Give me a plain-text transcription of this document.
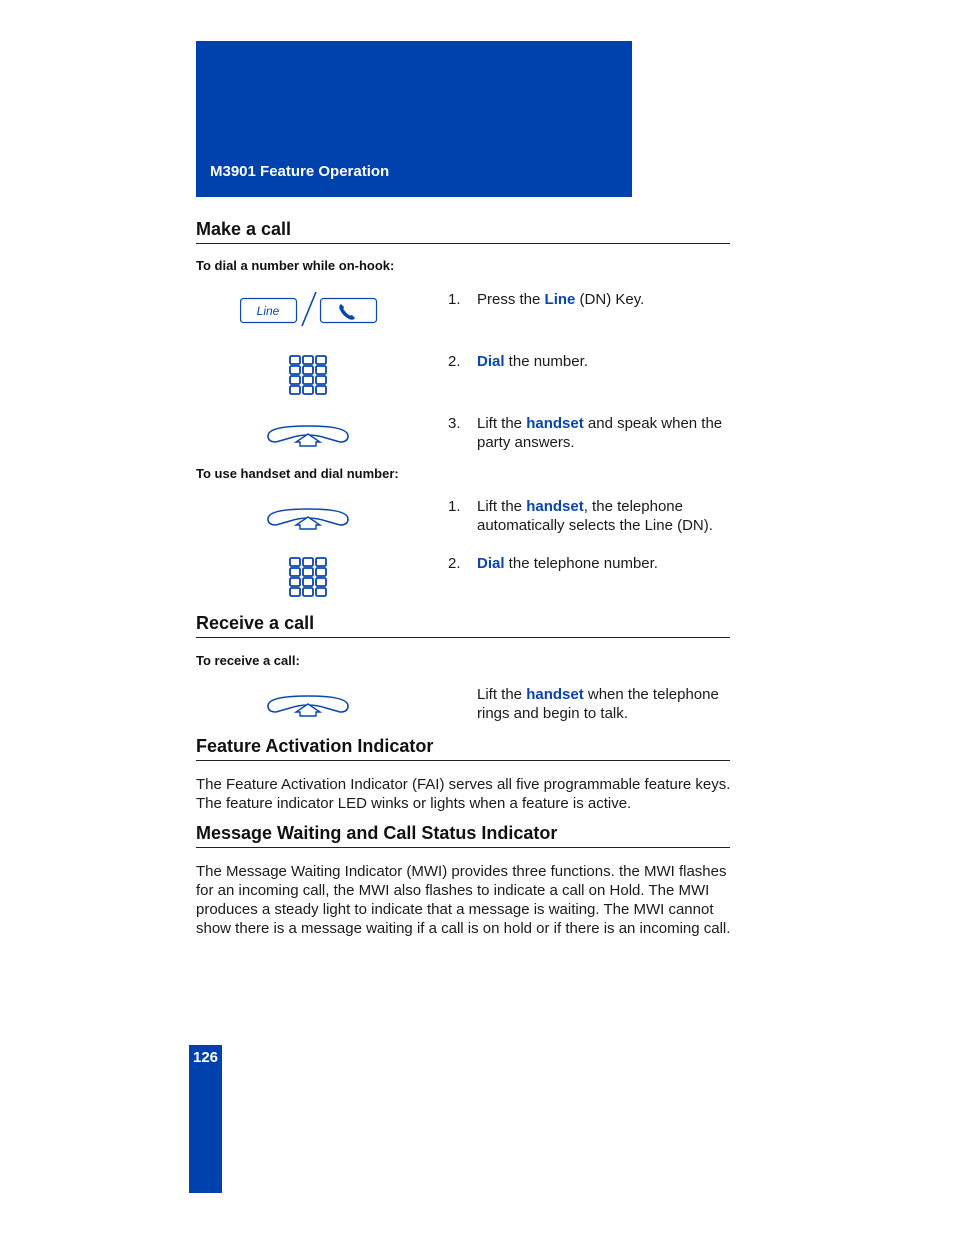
M3901 Feature Operation
Make a call
To dial a number while on-hook:
Line
1. Press the Line (DN) Key.
2. Dial the number.
3. Lift the handset and speak when the party answers.
To use handset and dial number:
1. Lift the handset, the telephone automatically selects the Line (DN).
2. Dial the telephone number.
Receive a call
To receive a call:
Lift the handset when the telephone rings and begin to talk.
Feature Activation Indicator
The Feature Activation Indicator (FAI) serves all five programmable feature keys. The feature indicator LED winks or lights when a feature is active.
Message Waiting and Call Status Indicator
The Message Waiting Indicator (MWI) provides three functions. the MWI flashes for an incoming call, the MWI also flashes to indicate a call on Hold. The MWI produces a steady light to indicate that a message is waiting. The MWI cannot show there is a message waiting if a call is on hold or if there is an incoming call.
126
